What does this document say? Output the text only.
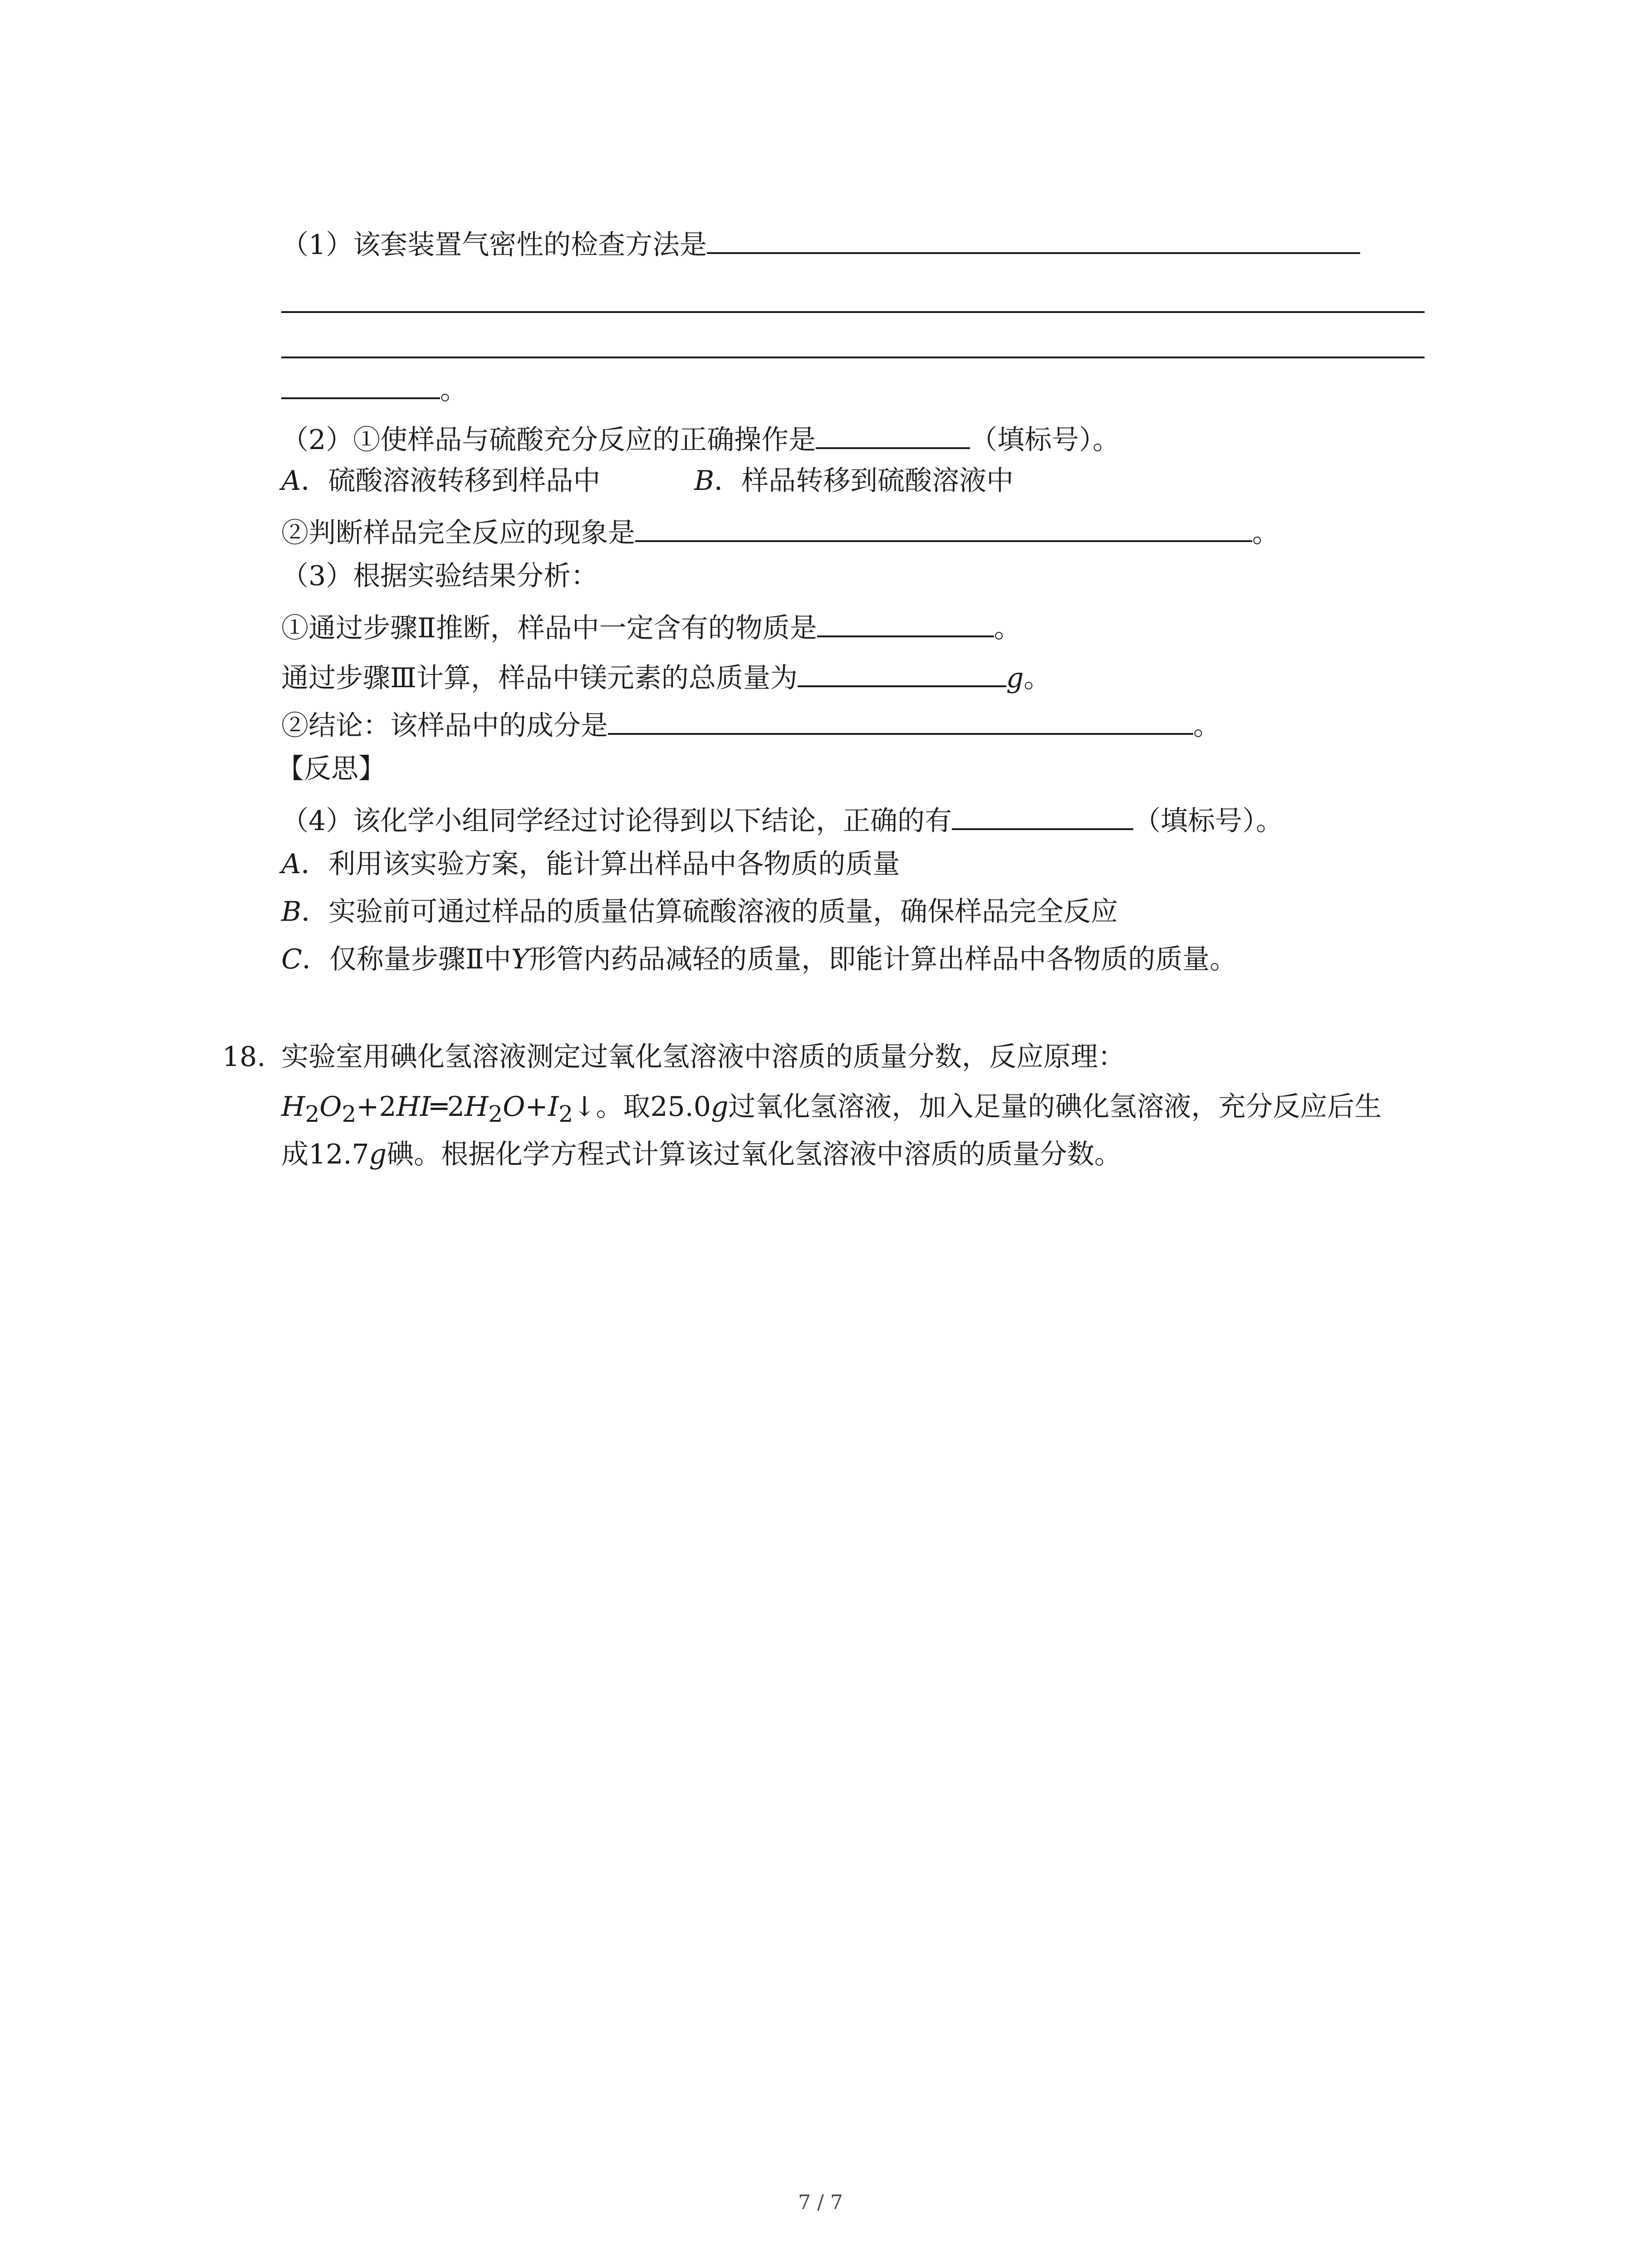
（1）该套装置气密性的检查方法是
。
（2）①使样品与硫酸充分反应的正确操作是	（填标号）。
A．硫酸溶液转移到样品中	B．样品转移到硫酸溶液中
②判断样品完全反应的现象是	。
（3）根据实验结果分析：
①通过步骤Ⅱ推断，样品中一定含有的物质是	。
通过步骤Ⅲ计算，样品中镁元素的总质量为	g。
②结论：该样品中的成分是	。
【反思】
（4）该化学小组同学经过讨论得到以下结论，正确的有	（填标号）。
A．利用该实验方案，能计算出样品中各物质的质量
B．实验前可通过样品的质量估算硫酸溶液的质量，确保样品完全反应
C．仅称量步骤Ⅱ中Y形管内药品减轻的质量，即能计算出样品中各物质的质量。
18. 实验室用碘化氢溶液测定过氧化氢溶液中溶质的质量分数，反应原理：
$H_2O_2+2HI═2H_2O+I_2↓$。取25.0g过氧化氢溶液，加入足量的碘化氢溶液，充分反应后生
成12.7g碘。根据化学方程式计算该过氧化氢溶液中溶质的质量分数。
7 / 7
